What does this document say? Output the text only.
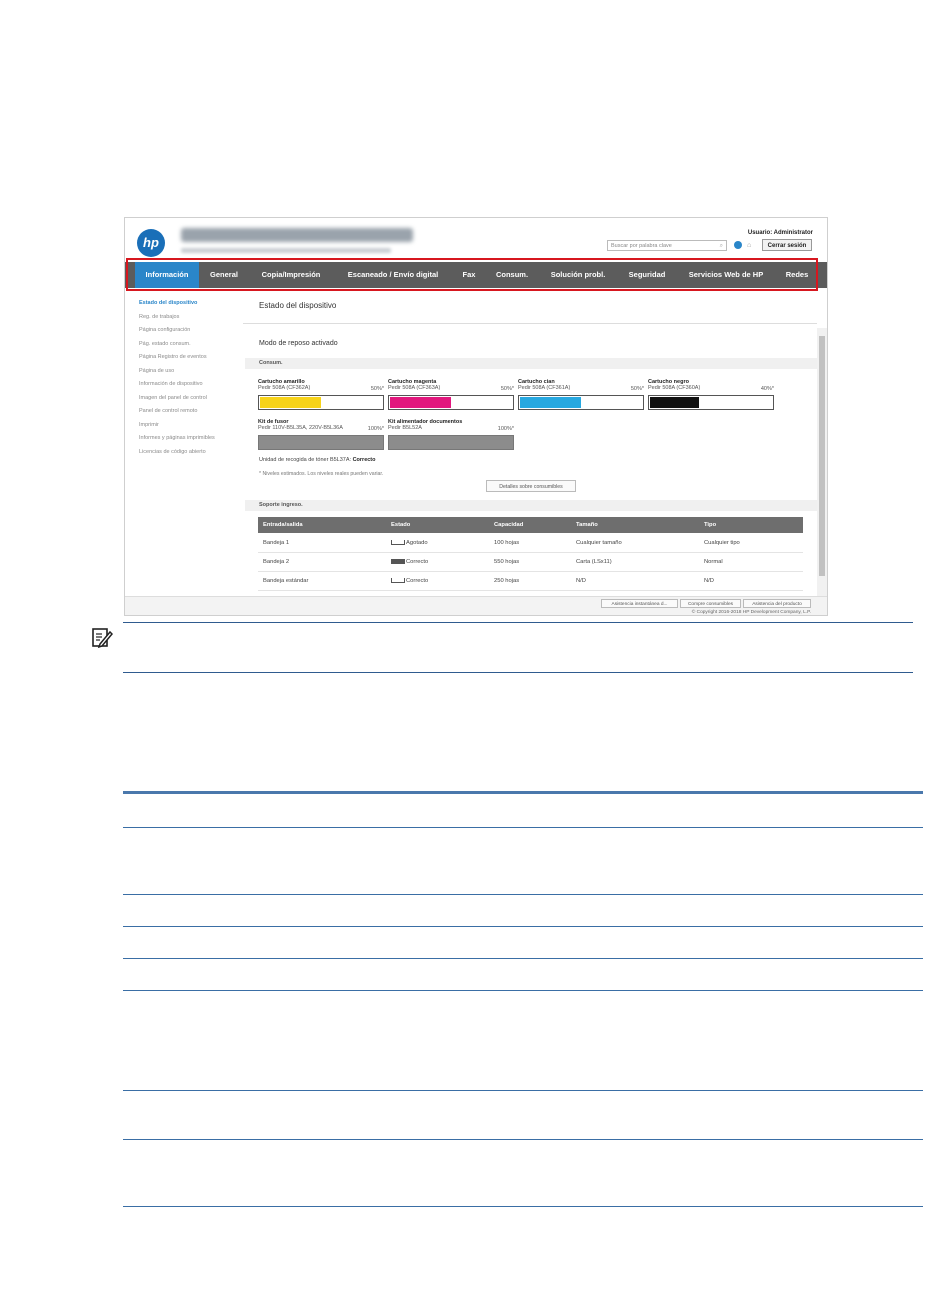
hp
Usuario: Administrator
Buscar por palabra clave	⌕	⌂	Cerrar sesión
Información	General	Copia/Impresión	Escaneado / Envío digital	Fax	Consum.	Solución probl.	Seguridad	Servicios Web de HP	Redes
Estado del dispositivo
Reg. de trabajos
Página configuración
Pág. estado consum.
Página Registro de eventos
Página de uso
Información de dispositivo
Imagen del panel de control
Panel de control remoto
Imprimir
Informes y páginas imprimibles
Licencias de código abierto
Estado del dispositivo
Modo de reposo activado
Consum.
Cartucho amarillo
Pedir 508A (CF362A)	50%*
Cartucho magenta
Pedir 508A (CF363A)	50%*
Cartucho cian
Pedir 508A (CF361A)	50%*
Cartucho negro
Pedir 508A (CF360A)	40%*
Kit de fusor
Pedir 110V-B5L35A, 220V-B5L36A	100%*
Kit alimentador documentos
Pedir B5L52A	100%*
Unidad de recogida de tóner B5L37A: Correcto
* Niveles estimados. Los niveles reales pueden variar.
Detalles sobre consumibles
Soporte ingreso.
Entrada/salida	Estado	Capacidad	Tamaño	Tipo
Bandeja 1	Agotado	100 hojas	Cualquier tamaño	Cualquier tipo
Bandeja 2	Correcto	550 hojas	Carta (LSx11)	Normal
Bandeja estándar	Correcto	250 hojas	N/D	N/D
Asistencia instantánea d...	Compre consumibles	Asistencia del producto
© Copyright 2016-2018 HP Development Company, L.P.
